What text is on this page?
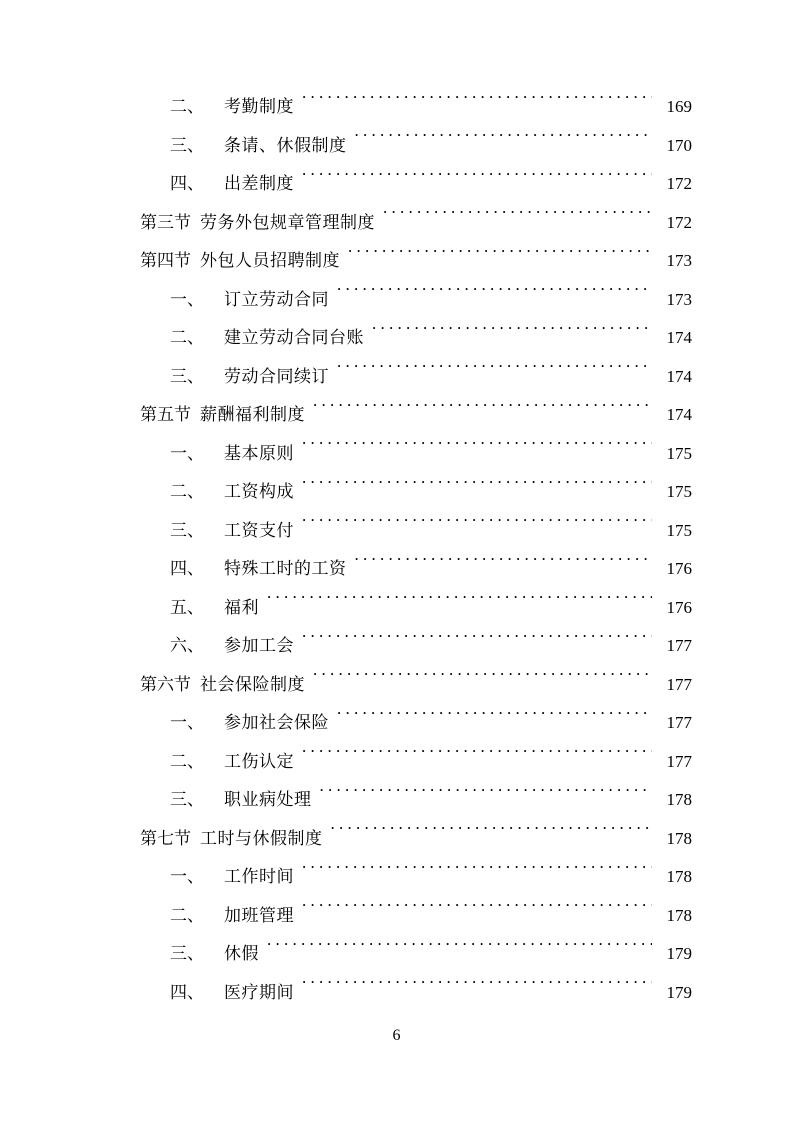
二、	考勤制度 . . .	169
三、	条请、休假制度 . . .	170
四、	出差制度 . . .	172
第三节 劳务外包规章管理制度 . . .	172
第四节 外包人员招聘制度 . . .	173
一、	订立劳动合同 . . .	173
二、	建立劳动合同台账 . . .	174
三、	劳动合同续订 . . .	174
第五节 薪酬福利制度 . . .	174
一、	基本原则 . . .	175
二、	工资构成 . . .	175
三、	工资支付 . . .	175
四、	特殊工时的工资 . . .	176
五、	福利 . . .	176
六、	参加工会 . . .	177
第六节 社会保险制度 . . .	177
一、	参加社会保险 . . .	177
二、	工伤认定 . . .	177
三、	职业病处理 . . .	178
第七节 工时与休假制度 . . .	178
一、	工作时间 . . .	178
二、	加班管理 . . .	178
三、	休假 . . .	179
四、	医疗期间 . . .	179
6
